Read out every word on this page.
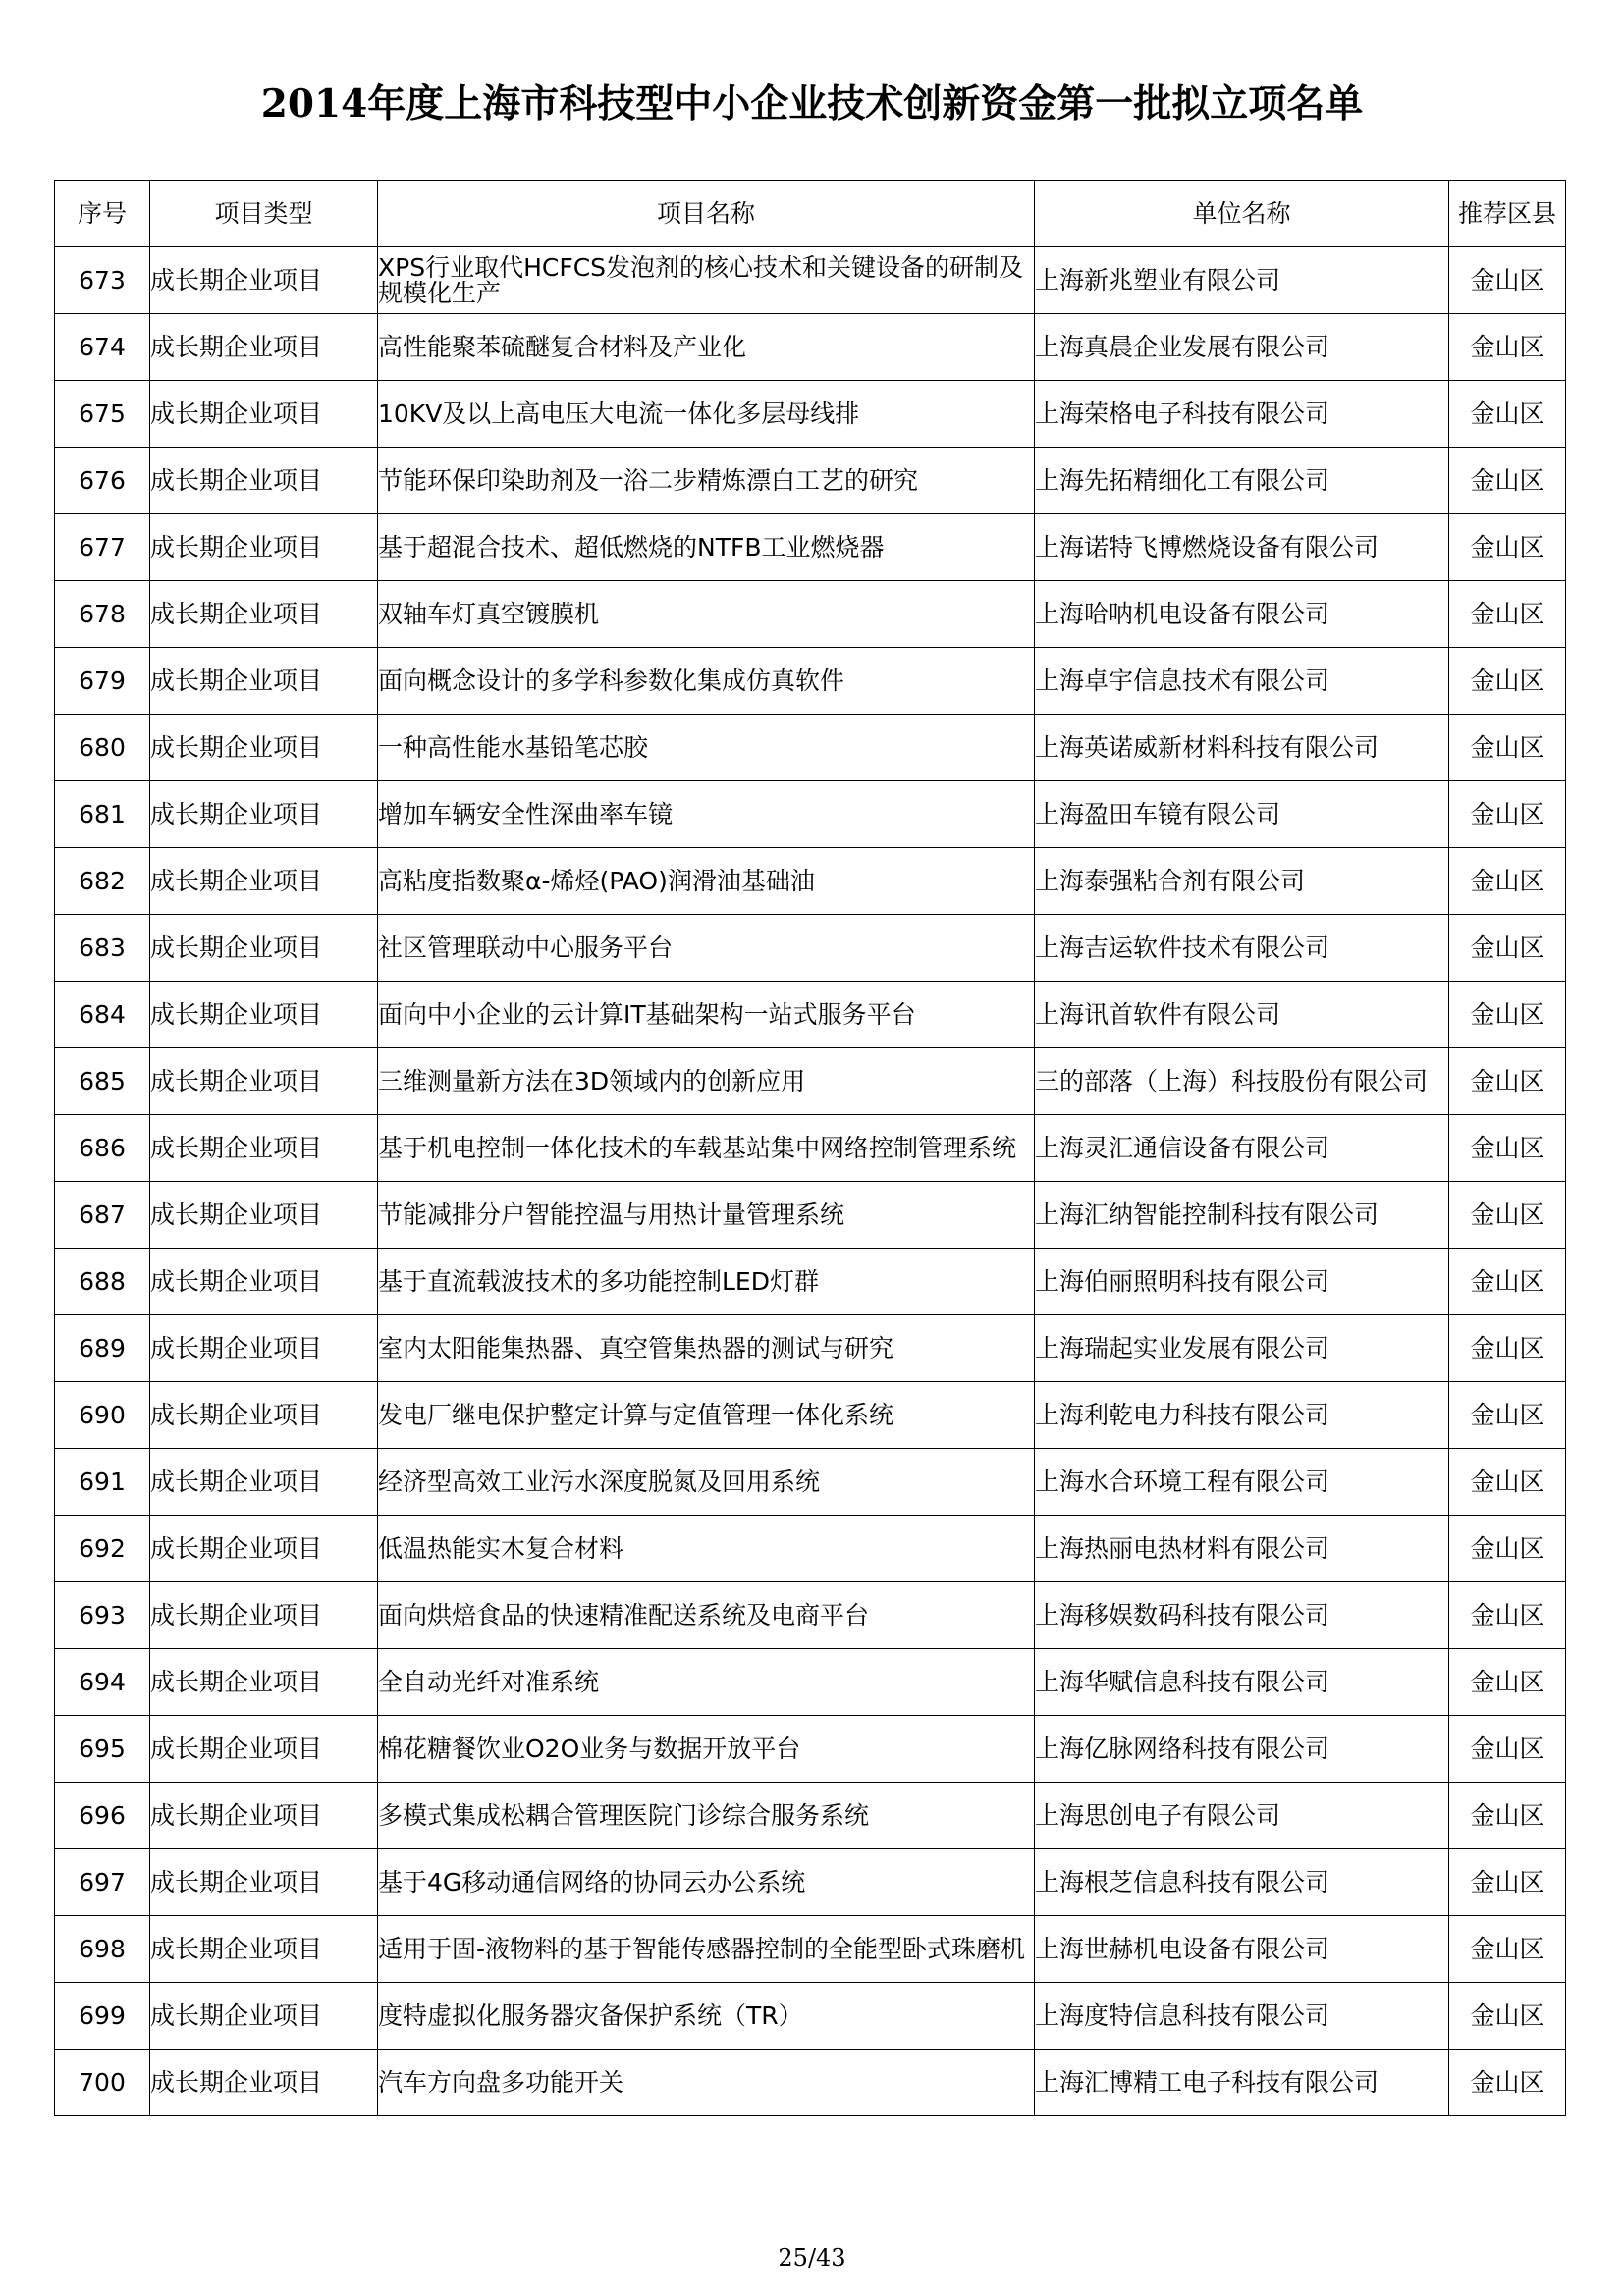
2014年度上海市科技型中小企业技术创新资金第一批拟立项名单
序号	项目类型	项目名称	单位名称	推荐区县
673	成长期企业项目	XPS行业取代HCFCS发泡剂的核心技术和关键设备的研制及规模化生产	上海新兆塑业有限公司	金山区
674	成长期企业项目	高性能聚苯硫醚复合材料及产业化	上海真晨企业发展有限公司	金山区
675	成长期企业项目	10KV及以上高电压大电流一体化多层母线排	上海荣格电子科技有限公司	金山区
676	成长期企业项目	节能环保印染助剂及一浴二步精炼漂白工艺的研究	上海先拓精细化工有限公司	金山区
677	成长期企业项目	基于超混合技术、超低燃烧的NTFB工业燃烧器	上海诺特飞博燃烧设备有限公司	金山区
678	成长期企业项目	双轴车灯真空镀膜机	上海哈呐机电设备有限公司	金山区
679	成长期企业项目	面向概念设计的多学科参数化集成仿真软件	上海卓宇信息技术有限公司	金山区
680	成长期企业项目	一种高性能水基铅笔芯胶	上海英诺威新材料科技有限公司	金山区
681	成长期企业项目	增加车辆安全性深曲率车镜	上海盈田车镜有限公司	金山区
682	成长期企业项目	高粘度指数聚α-烯烃(PAO)润滑油基础油	上海泰强粘合剂有限公司	金山区
683	成长期企业项目	社区管理联动中心服务平台	上海吉运软件技术有限公司	金山区
684	成长期企业项目	面向中小企业的云计算IT基础架构一站式服务平台	上海讯首软件有限公司	金山区
685	成长期企业项目	三维测量新方法在3D领域内的创新应用	三的部落（上海）科技股份有限公司	金山区
686	成长期企业项目	基于机电控制一体化技术的车载基站集中网络控制管理系统	上海灵汇通信设备有限公司	金山区
687	成长期企业项目	节能减排分户智能控温与用热计量管理系统	上海汇纳智能控制科技有限公司	金山区
688	成长期企业项目	基于直流载波技术的多功能控制LED灯群	上海伯丽照明科技有限公司	金山区
689	成长期企业项目	室内太阳能集热器、真空管集热器的测试与研究	上海瑞起实业发展有限公司	金山区
690	成长期企业项目	发电厂继电保护整定计算与定值管理一体化系统	上海利乾电力科技有限公司	金山区
691	成长期企业项目	经济型高效工业污水深度脱氮及回用系统	上海水合环境工程有限公司	金山区
692	成长期企业项目	低温热能实木复合材料	上海热丽电热材料有限公司	金山区
693	成长期企业项目	面向烘焙食品的快速精准配送系统及电商平台	上海移娱数码科技有限公司	金山区
694	成长期企业项目	全自动光纤对准系统	上海华赋信息科技有限公司	金山区
695	成长期企业项目	棉花糖餐饮业O2O业务与数据开放平台	上海亿脉网络科技有限公司	金山区
696	成长期企业项目	多模式集成松耦合管理医院门诊综合服务系统	上海思创电子有限公司	金山区
697	成长期企业项目	基于4G移动通信网络的协同云办公系统	上海根芝信息科技有限公司	金山区
698	成长期企业项目	适用于固-液物料的基于智能传感器控制的全能型卧式珠磨机	上海世赫机电设备有限公司	金山区
699	成长期企业项目	度特虚拟化服务器灾备保护系统（TR）	上海度特信息科技有限公司	金山区
700	成长期企业项目	汽车方向盘多功能开关	上海汇博精工电子科技有限公司	金山区
25/43
